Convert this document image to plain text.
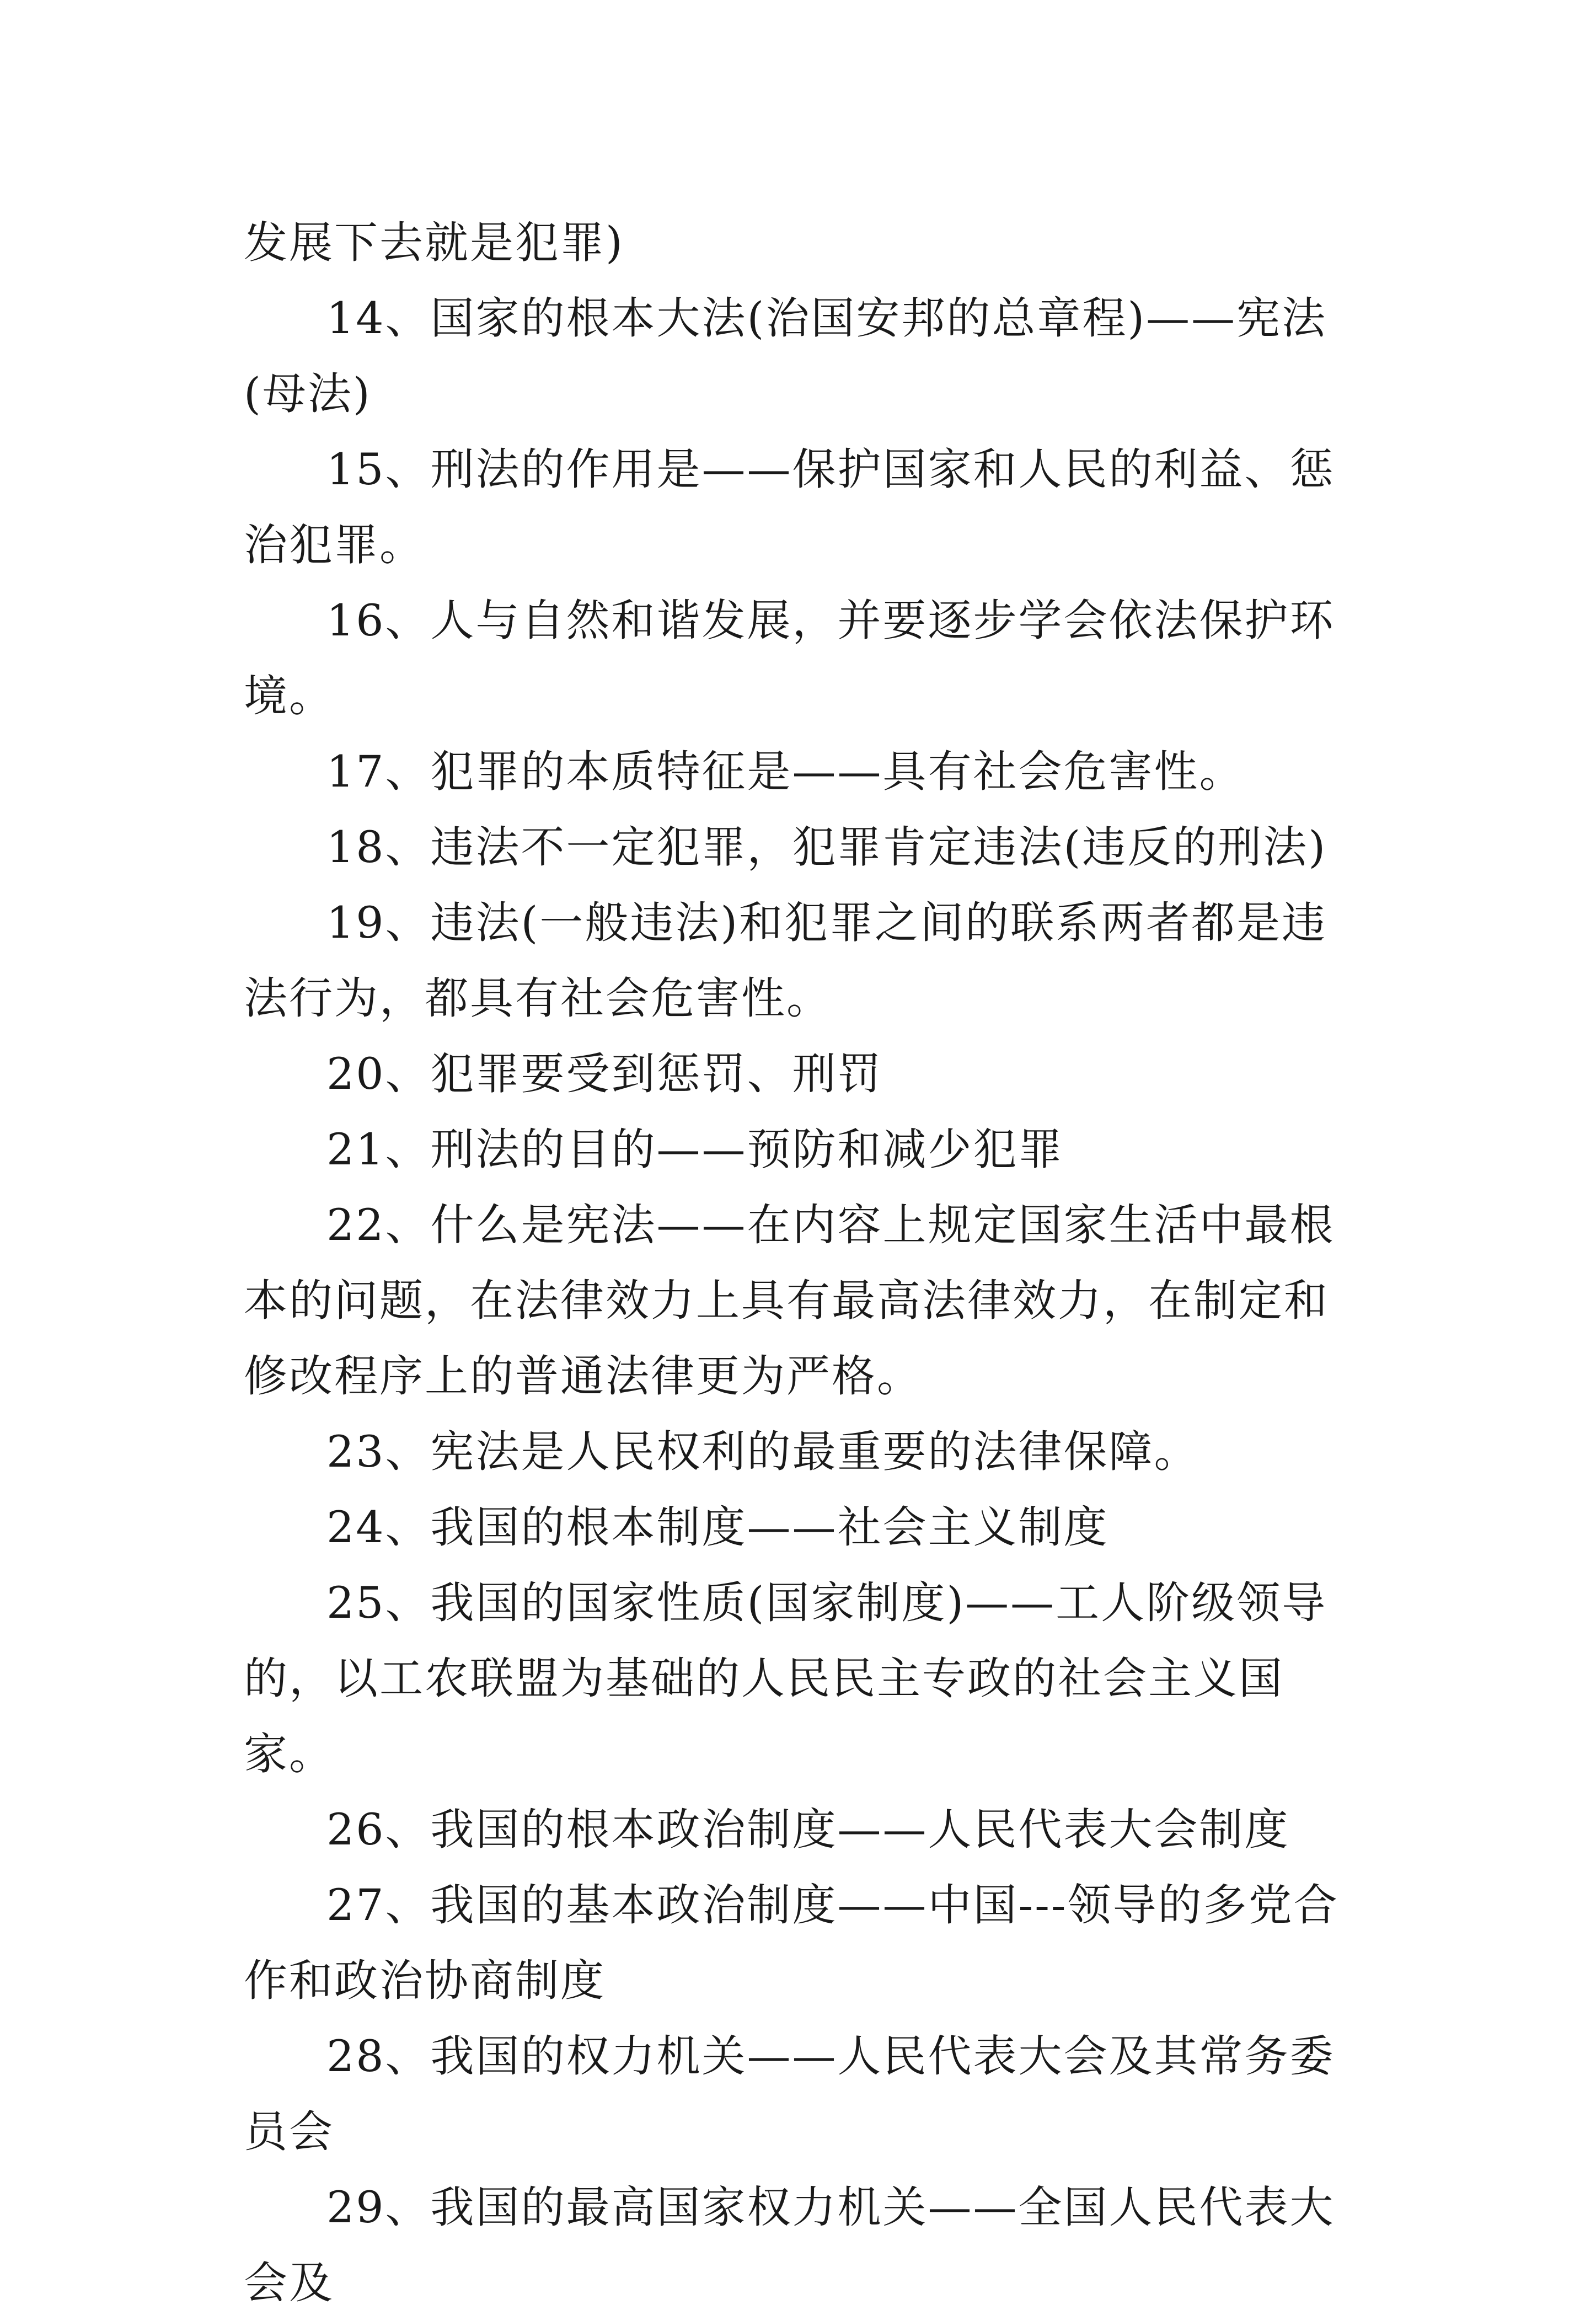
发展下去就是犯罪)

14、国家的根本大法(治国安邦的总章程)——宪法(母法)

15、刑法的作用是——保护国家和人民的利益、惩治犯罪。

16、人与自然和谐发展，并要逐步学会依法保护环境。

17、犯罪的本质特征是——具有社会危害性。

18、违法不一定犯罪，犯罪肯定违法(违反的刑法)

19、违法(一般违法)和犯罪之间的联系两者都是违法行为，都具有社会危害性。

20、犯罪要受到惩罚、刑罚

21、刑法的目的——预防和减少犯罪

22、什么是宪法——在内容上规定国家生活中最根本的问题，在法律效力上具有最高法律效力，在制定和修改程序上的普通法律更为严格。

23、宪法是人民权利的最重要的法律保障。

24、我国的根本制度——社会主义制度

25、我国的国家性质(国家制度)——工人阶级领导的，以工农联盟为基础的人民民主专政的社会主义国家。

26、我国的根本政治制度——人民代表大会制度

27、我国的基本政治制度——中国---领导的多党合作和政治协商制度

28、我国的权力机关——人民代表大会及其常务委员会

29、我国的最高国家权力机关——全国人民代表大会及
